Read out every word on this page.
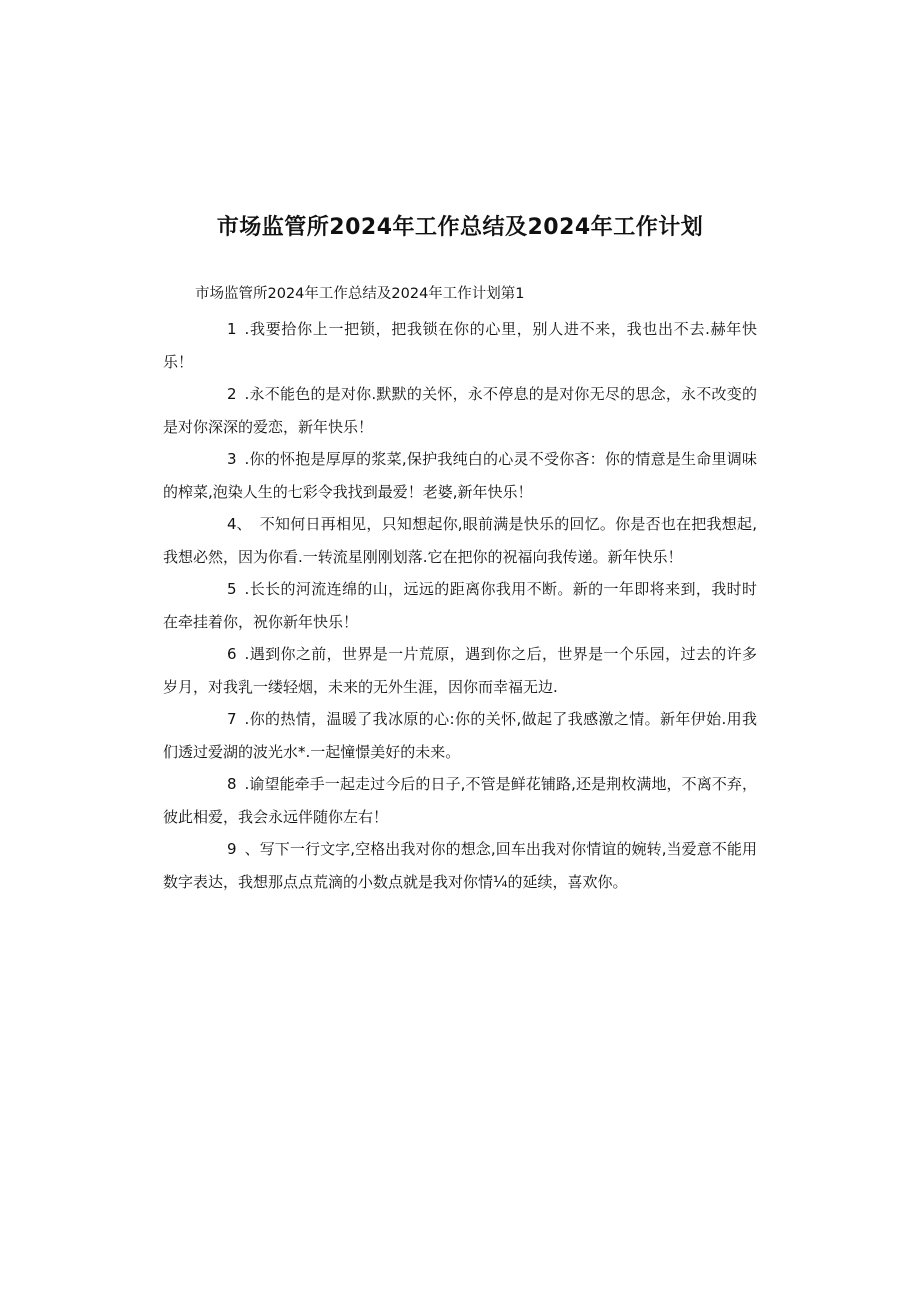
市场监管所2024年工作总结及2024年工作计划

市场监管所2024年工作总结及2024年工作计划第1

1 .我要拾你上一把锁，把我锁在你的心里，别人进不来，我也出不去.赫年快乐！
2 .永不能色的是对你.默默的关怀，永不停息的是对你无尽的思念，永不改变的是对你深深的爱恋，新年快乐！
3 .你的怀抱是厚厚的浆菜,保护我纯白的心灵不受你吝：你的情意是生命里调味的榨菜,泡染人生的七彩令我找到最爱！老婆,新年快乐！
4、 不知何日再相见，只知想起你,眼前满是快乐的回忆。你是否也在把我想起,我想必然，因为你看.一转流星刚刚划落.它在把你的祝福向我传递。新年快乐！
5 .长长的河流连绵的山，远远的距离你我用不断。新的一年即将来到，我时时在牵挂着你，祝你新年快乐！
6 .遇到你之前，世界是一片荒原，遇到你之后，世界是一个乐园，过去的许多岁月，对我乳一缕轻烟，未来的无外生涯，因你而幸福无边.
7 .你的热情，温暖了我冰原的心:你的关怀,做起了我感激之情。新年伊始.用我们透过爱湖的波光水*.一起憧憬美好的未来。
8 .谕望能牵手一起走过今后的日子,不管是鲜花铺路,还是荆枚满地，不离不弃，彼此相爱，我会永远伴随你左右！
9 、写下一行文字,空格出我对你的想念,回车出我对你情谊的婉转,当爱意不能用数字表达，我想那点点荒滴的小数点就是我对你情¼的延续，喜欢你。
